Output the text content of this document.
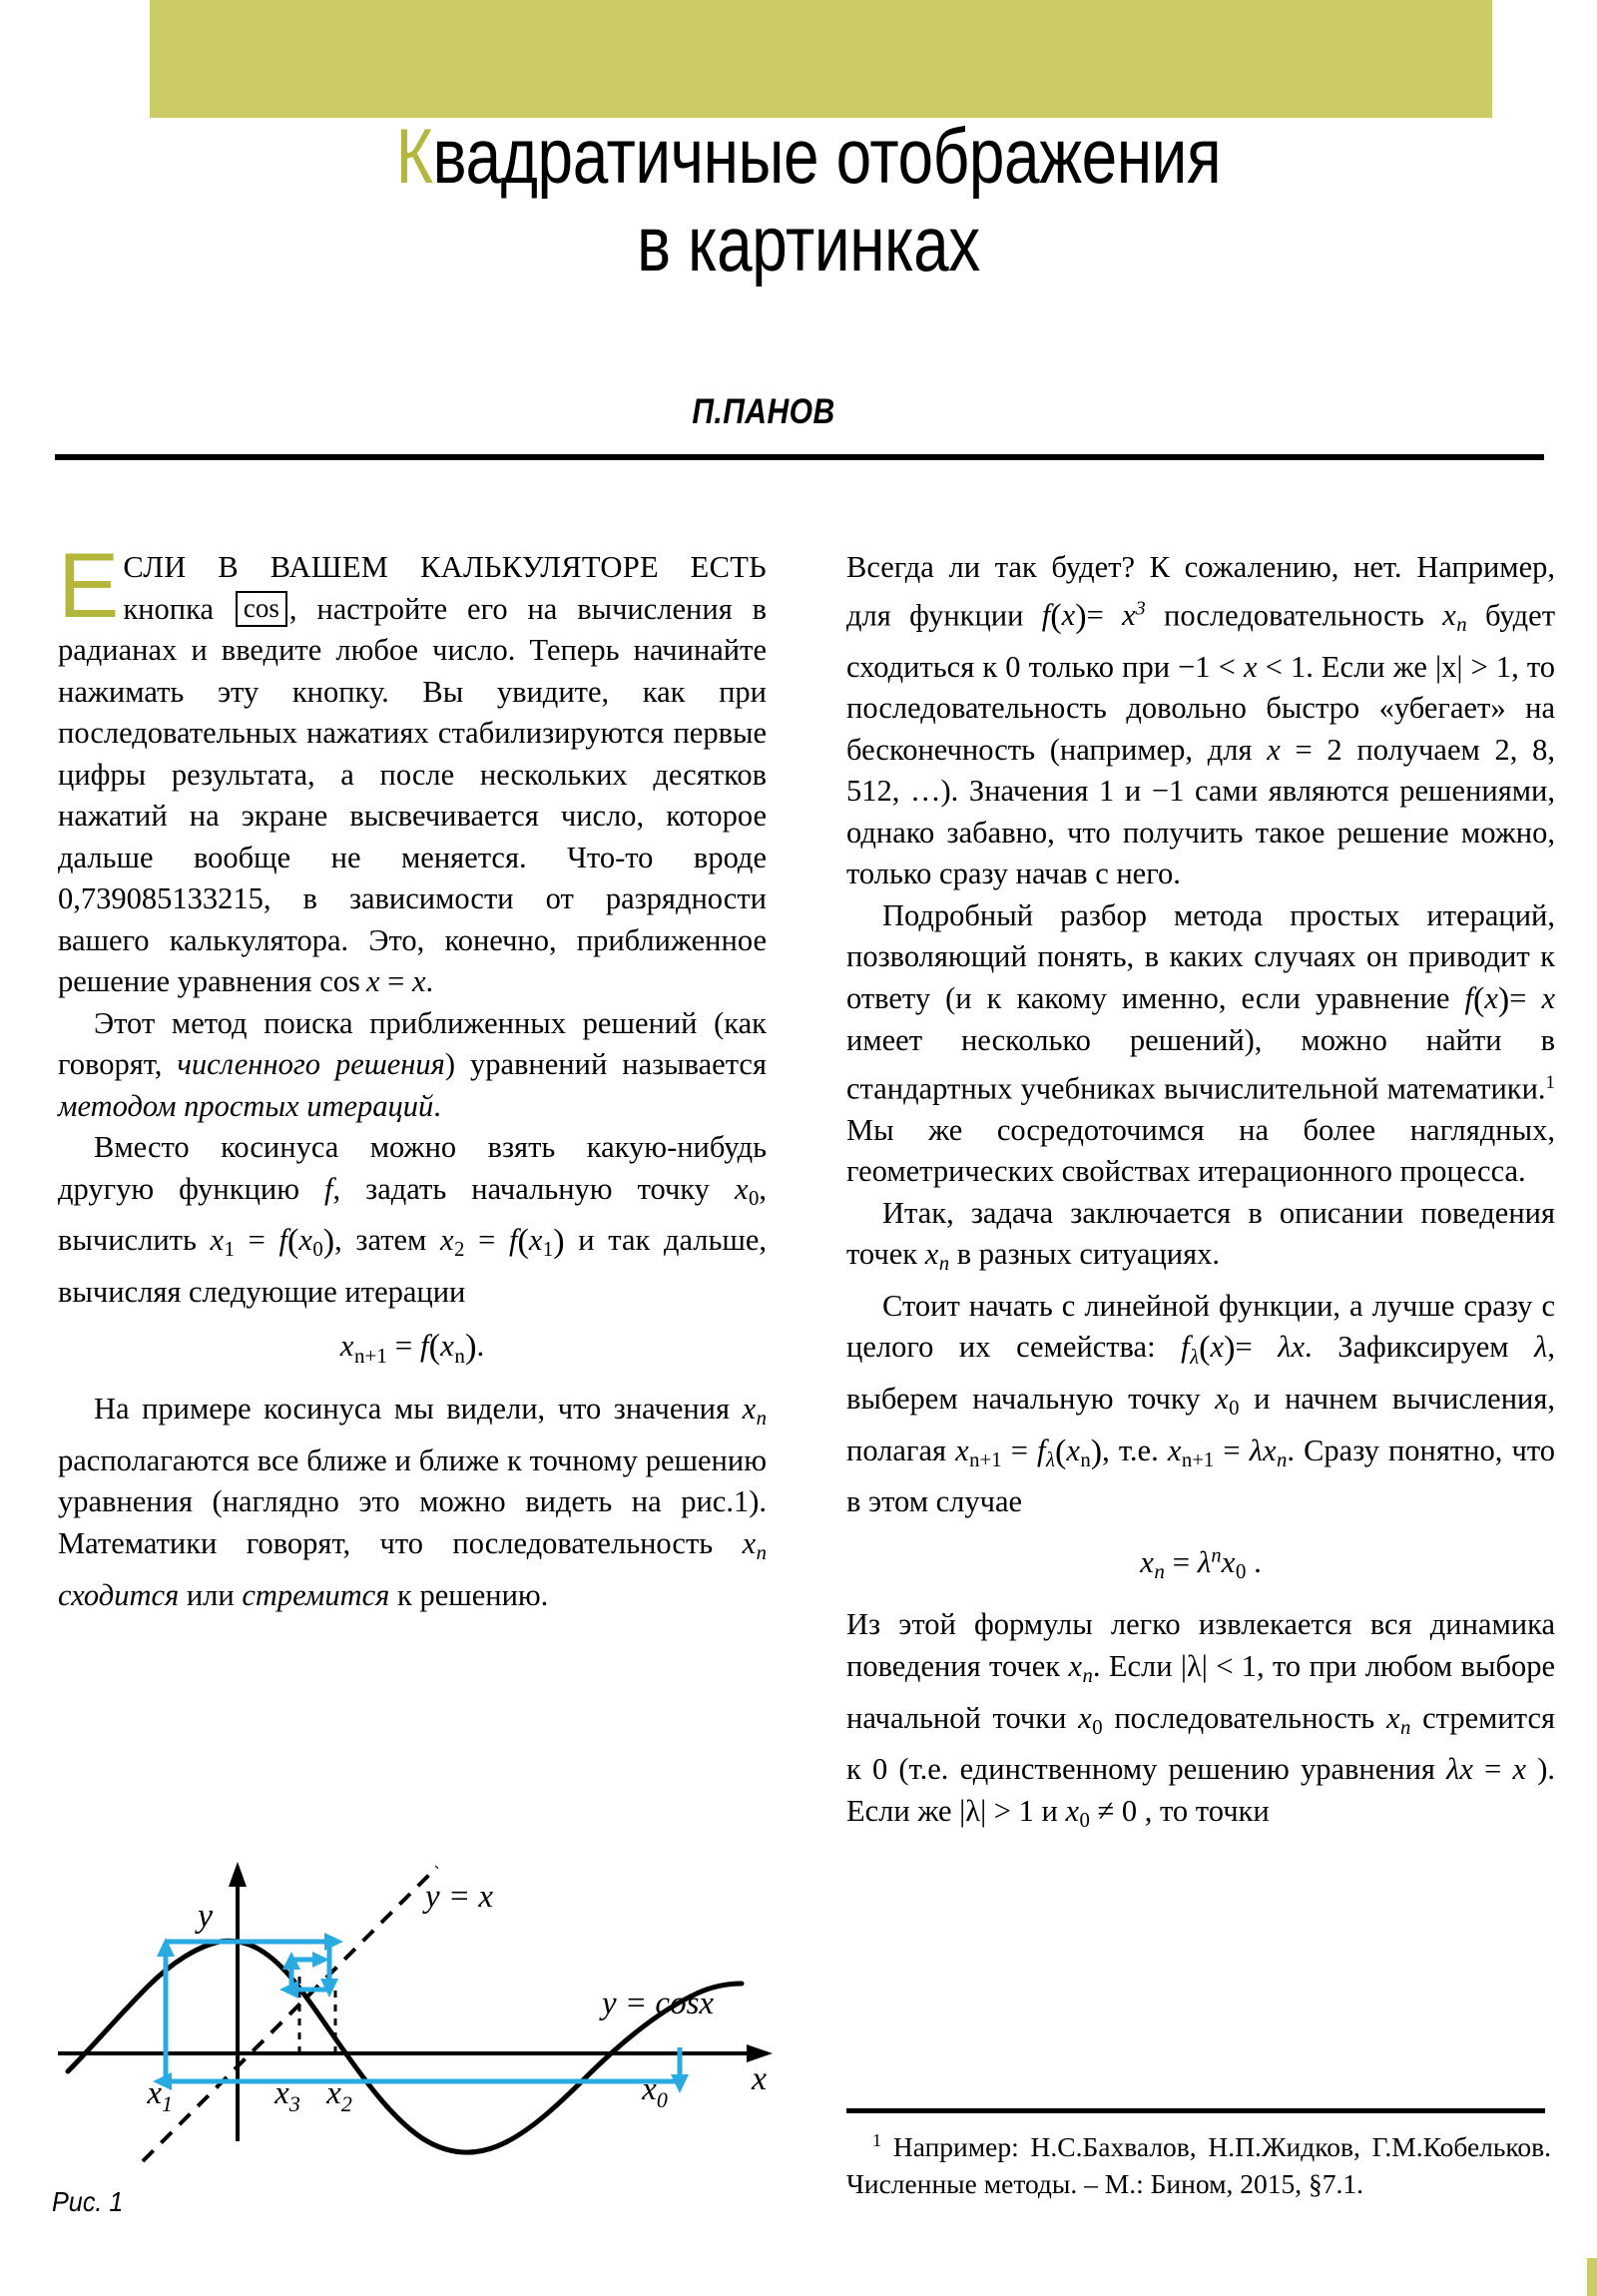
Квадратичные отображения
в картинках
П.ПАНОВ

ЕСЛИ В ВАШЕМ КАЛЬКУЛЯТОРЕ ЕСТЬ кнопка cos , настройте его на вычисления в радианах и введите любое число. Теперь начинайте нажимать эту кнопку. Вы увидите, как при последовательных нажатиях стабилизируются первые цифры результата, а после нескольких десятков нажатий на экране высвечивается число, которое дальше вообще не меняется. Что-то вроде 0,739085133215, в зависимости от разрядности вашего калькулятора. Это, конечно, приближенное решение уравнения cos  x = x.

Этот метод поиска приближенных решений (как говорят, численного решения) уравнений называется методом простых итераций.

Вместо косинуса можно взять какую-нибудь другую функцию f, задать начальную точку $x_0$, вычислить $x_1 = f(x_0)$, затем $x_2 = f(x_1)$ и так дальше, вычисляя следующие итерации

$x_{n+1} = f(x_n)$.

На примере косинуса мы видели, что значения $x_n$ располагаются все ближе и ближе к точному решению уравнения (наглядно это можно видеть на рис.1). Математики говорят, что последовательность $x_n$ сходится или стремится к решению.

Всегда ли так будет? К сожалению, нет. Например, для функции $f(x)= x^3$ последовательность $x_n$ будет сходиться к 0 только при −1 < x < 1. Если же |x| > 1, то последовательность довольно быстро «убегает» на бесконечность (например, для x = 2 получаем 2, 8, 512, …). Значения 1 и −1 сами являются решениями, однако забавно, что получить такое решение можно, только сразу начав с него.

Подробный разбор метода простых итераций, позволяющий понять, в каких случаях он приводит к ответу (и к какому именно, если уравнение f(x)= x имеет несколько решений), можно найти в стандартных учебниках вычислительной математики.$^1$ Мы же сосредоточимся на более наглядных, геометрических свойствах итерационного процесса.

Итак, задача заключается в описании поведения точек $x_n$ в разных ситуациях.

Стоит начать с линейной функции, а лучше сразу с целого их семейства: $f_\lambda(x)= \lambda x$. Зафиксируем λ, выберем начальную точку $x_0$ и начнем вычисления, полагая $x_{n+1} = f_\lambda(x_n)$, т.е. $x_{n+1} = \lambda x_n$. Сразу понятно, что в этом случае

$x_n = \lambda^nx_0$ .

Из этой формулы легко извлекается вся динамика поведения точек $x_n$. Если |λ| < 1, то при любом выборе начальной точки $x_0$ последовательность $x_n$ стремится к 0 (т.е. единственному решению уравнения λx = x ). Если же |λ| > 1 и $x_0 \ne 0$ , то точки

y
x
y = x
y = cosx
$x_1$	$x_3$ $x_2$	$x_0$
Рис. 1
$^1$ Например: Н.С.Бахвалов, Н.П.Жидков, Г.М.Кобельков. Численные методы. – М.: Бином, 2015, §7.1.
